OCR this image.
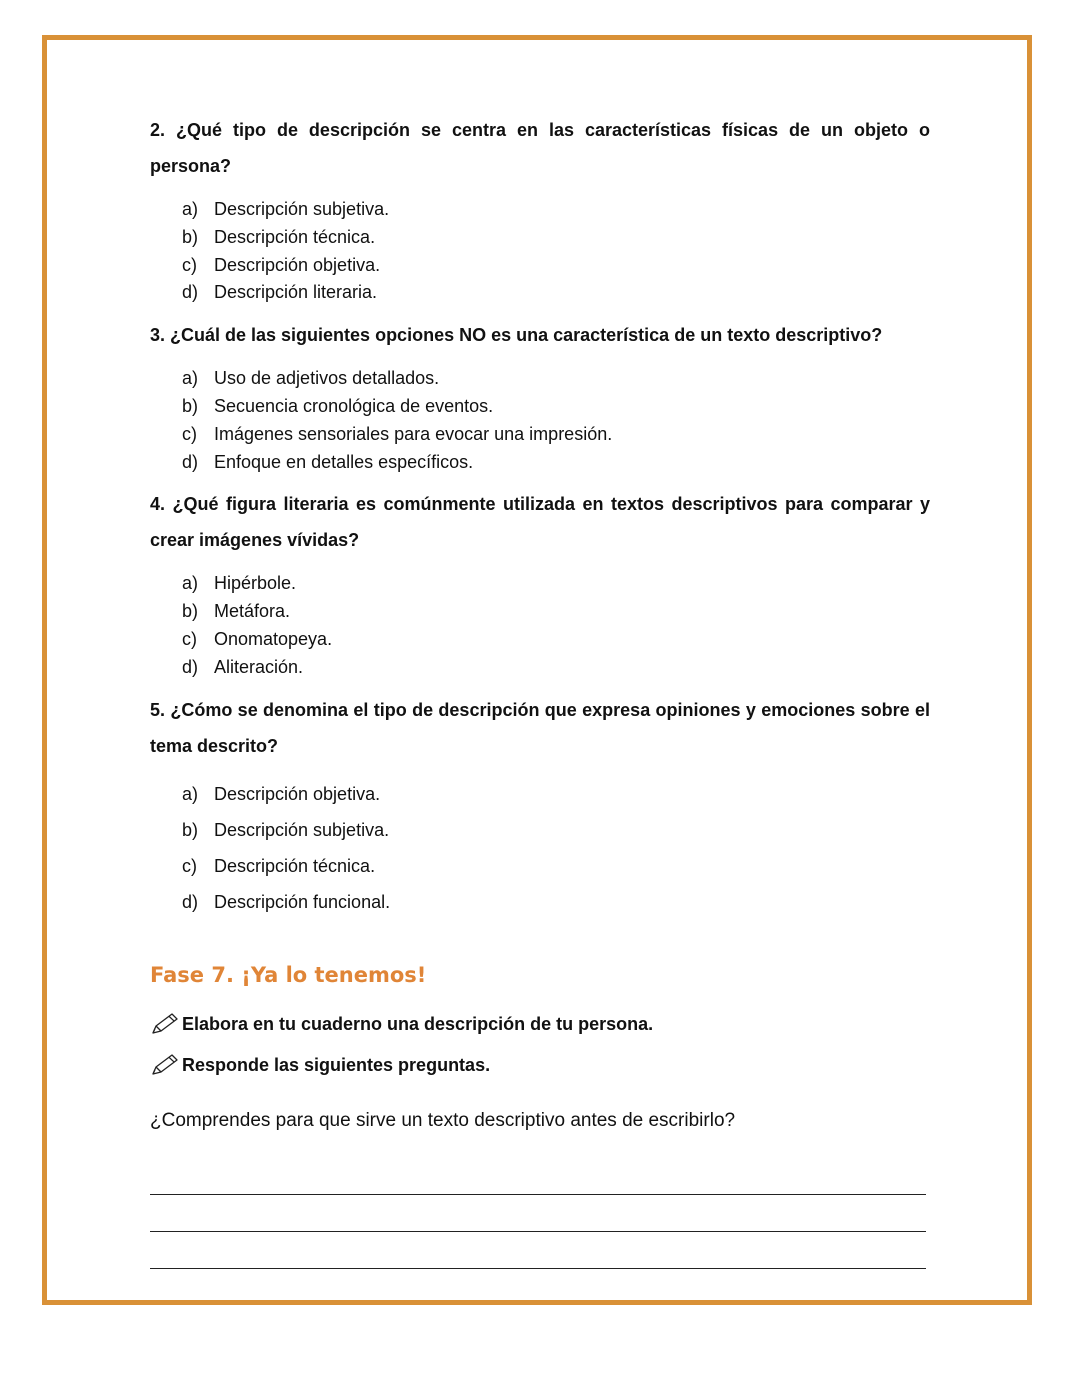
2. ¿Qué tipo de descripción se centra en las características físicas de un objeto o persona?

a) Descripción subjetiva.
b) Descripción técnica.
c) Descripción objetiva.
d) Descripción literaria.

3. ¿Cuál de las siguientes opciones NO es una característica de un texto descriptivo?

a) Uso de adjetivos detallados.
b) Secuencia cronológica de eventos.
c) Imágenes sensoriales para evocar una impresión.
d) Enfoque en detalles específicos.

4. ¿Qué figura literaria es comúnmente utilizada en textos descriptivos para comparar y crear imágenes vívidas?

a) Hipérbole.
b) Metáfora.
c) Onomatopeya.
d) Aliteración.

5. ¿Cómo se denomina el tipo de descripción que expresa opiniones y emociones sobre el tema descrito?

a) Descripción objetiva.
b) Descripción subjetiva.
c) Descripción técnica.
d) Descripción funcional.
Fase 7. ¡Ya lo tenemos!
Elabora en tu cuaderno una descripción de tu persona.
Responde las siguientes preguntas.
¿Comprendes para que sirve un texto descriptivo antes de escribirlo?
